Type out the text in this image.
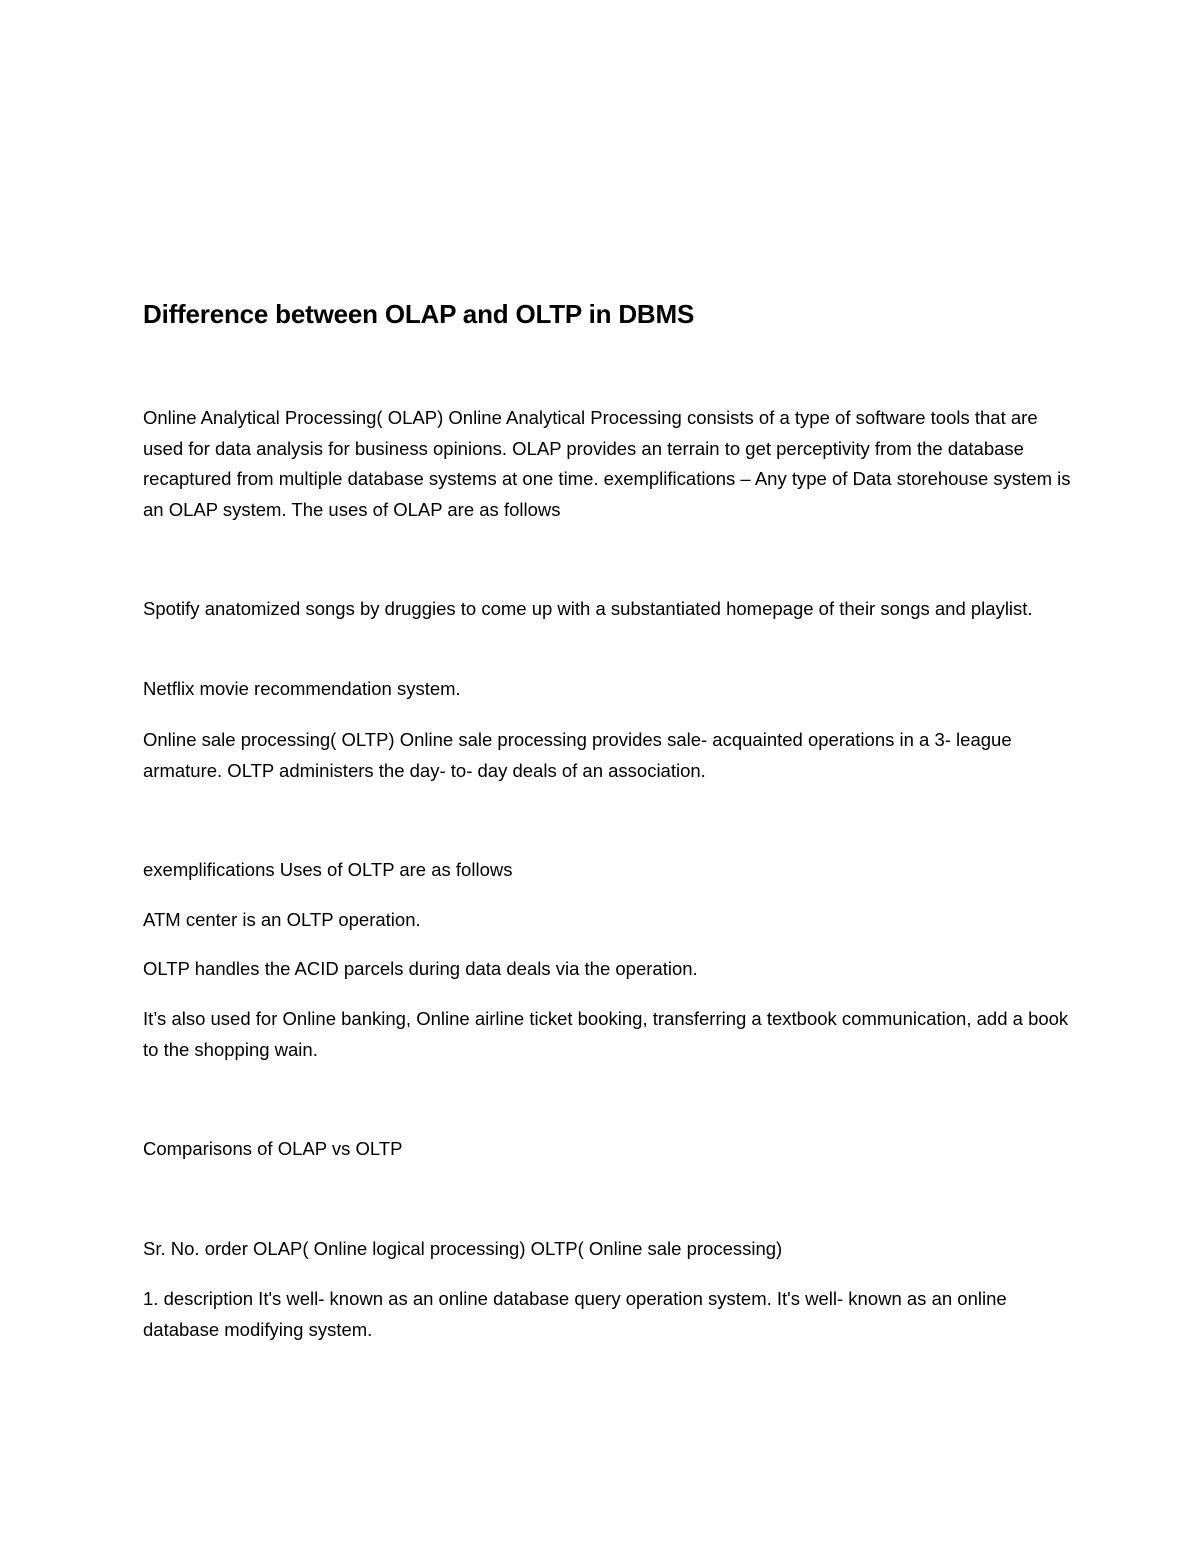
Difference between OLAP and OLTP in DBMS

Online Analytical Processing( OLAP) Online Analytical Processing consists of a type of software tools that are used for data analysis for business opinions. OLAP provides an terrain to get perceptivity from the database recaptured from multiple database systems at one time. exemplifications – Any type of Data storehouse system is an OLAP system. The uses of OLAP are as follows

Spotify anatomized songs by druggies to come up with a substantiated homepage of their songs and playlist.

Netflix movie recommendation system.

Online sale processing( OLTP) Online sale processing provides sale- acquainted operations in a 3- league armature. OLTP administers the day- to- day deals of an association.

exemplifications Uses of OLTP are as follows

ATM center is an OLTP operation.

OLTP handles the ACID parcels during data deals via the operation.

It’s also used for Online banking, Online airline ticket booking, transferring a textbook communication, add a book to the shopping wain.

Comparisons of OLAP vs OLTP

Sr. No. order OLAP( Online logical processing) OLTP( Online sale processing)

1. description It's well- known as an online database query operation system. It's well- known as an online database modifying system.
